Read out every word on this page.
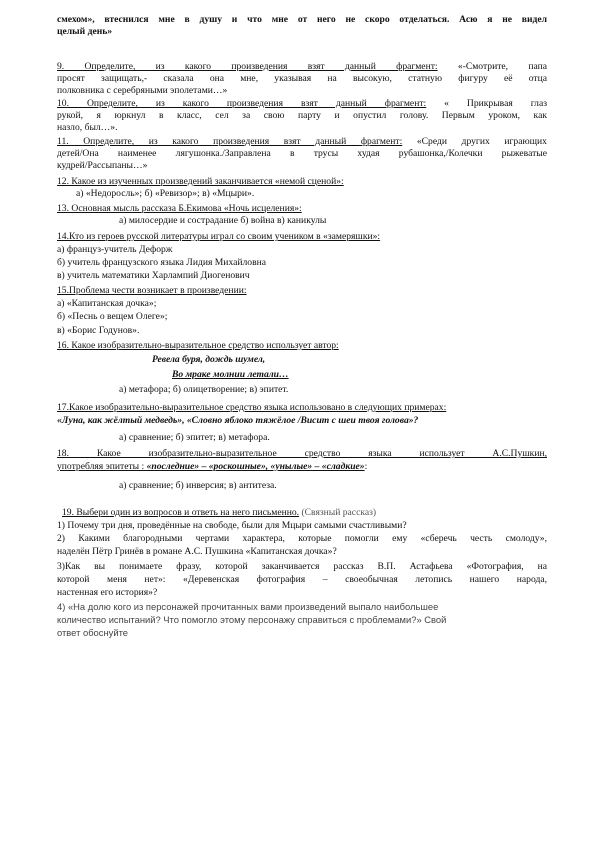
смехом», втеснился мне в душу и что мне от него не скоро отделаться. Асю я не видел
целый день»
9. Определите, из какого произведения взят данный фрагмент: «-Смотрите, папа
просят защищать,- сказала она мне, указывая на высокую, статную фигуру её отца
полковника с серебряными эполетами…»
10. Определите, из какого произведения взят данный фрагмент: « Прикрывая глаз
рукой, я юркнул в класс, сел за свою парту и опустил голову. Первым уроком, как
назло, был…».
11. Определите, из какого произведения взят данный фрагмент: «Среди других играющих
детей/Она наименее лягушонка./Заправлена в трусы худая рубашонка,/Колечки рыжеватые
кудрей/Рассыпаны…»
12. Какое из изученных произведений заканчивается «немой сценой»:
а) «Недоросль»; б) «Ревизор»; в) «Мцыри».
13. Основная мысль рассказа Б.Екимова «Ночь исцеления»:
а) милосердие и сострадание б) война в) каникулы
14.Кто из героев русской литературы играл со своим учеником в «замеряшки»:
а) француз-учитель Дефорж
б) учитель французского языка Лидия Михайловна
в) учитель математики Харлампий Диогенович
15.Проблема чести возникает в произведении:
а) «Капитанская дочка»;
б) «Песнь о вещем Олеге»;
в) «Борис Годунов».
16. Какое изобразительно-выразительное средство использует автор:
Ревела буря, дождь шумел,
Во мраке молнии летали…
а) метафора; б) олицетворение; в) эпитет.
17.Какое изобразительно-выразительное средство языка использовано в следующих примерах:
«Луна, как жёлтый медведь», «Словно яблоко тяжёлое /Висит с шеи твоя голова»?
а) сравнение; б) эпитет; в) метафора.
18. Какое изобразительно-выразительное средство языка использует А.С.Пушкин,
употребляя эпитеты : «последние» – «роскошные», «унылые» – «сладкие»:
а) сравнение; б) инверсия; в) антитеза.
19. Выбери один из вопросов и ответь на него письменно. (Связный рассказ)
1) Почему три дня, проведённые на свободе, были для Мцыри самыми счастливыми?
2) Какими благородными чертами характера, которые помогли ему «сберечь честь смолоду»,
наделён Пётр Гринёв в романе А.С. Пушкина «Капитанская дочка»?
3)Как вы понимаете фразу, которой заканчивается рассказ В.П. Астафьева «Фотография, на
которой меня нет»: «Деревенская фотография – своеобычная летопись нашего народа,
настенная его история»?
4) «На долю кого из персонажей прочитанных вами произведений выпало наибольшее
количество испытаний? Что помогло этому персонажу справиться с проблемами?» Свой
ответ обоснуйте
